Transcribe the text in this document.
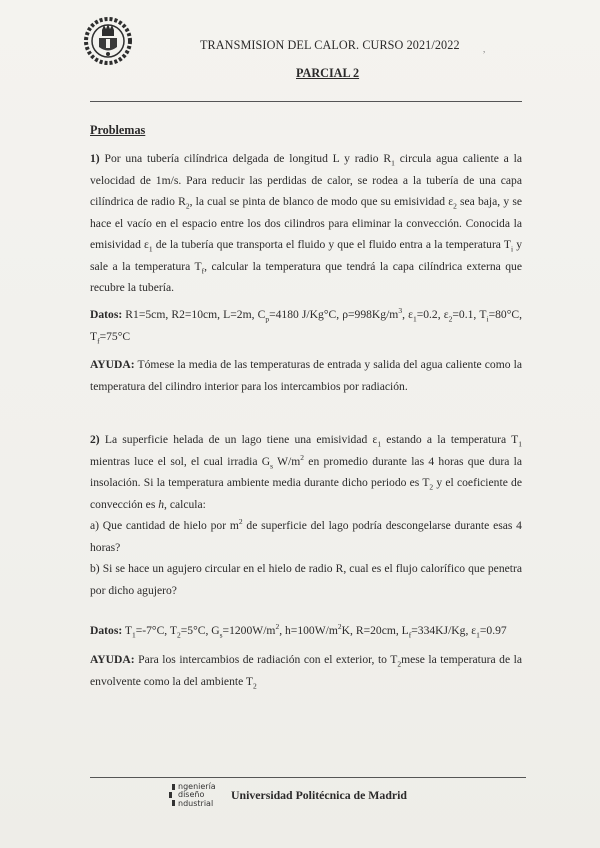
TRANSMISION DEL CALOR. CURSO 2021/2022
PARCIAL 2
,
Problemas
1) Por una tubería cilíndrica delgada de longitud L y radio $R_1$ circula agua caliente a la velocidad de 1m/s. Para reducir las perdidas de calor, se rodea a la tubería de una capa cilíndrica de radio $R_2$, la cual se pinta de blanco de modo que su emisividad $\varepsilon_2$ sea baja, y se hace el vacío en el espacio entre los dos cilindros para eliminar la convección. Conocida la emisividad $\varepsilon_1$ de la tubería que transporta el fluido y que el fluido entra a la temperatura $T_i$ y sale a la temperatura $T_f$, calcular la temperatura que tendrá la capa cilíndrica externa que recubre la tubería.
Datos: R1=5cm, R2=10cm, L=2m, $C_p=4180$ J/Kg°C, $\rho=998Kg/m^3$, $\varepsilon_1=0.2$, $\varepsilon_2=0.1$, $T_i=80^\circ C$, $T_f=75^\circ C$
AYUDA: Tómese la media de las temperaturas de entrada y salida del agua caliente como la temperatura del cilindro interior para los intercambios por radiación.
2) La superficie helada de un lago tiene una emisividad $\varepsilon_1$ estando a la temperatura $T_1$ mientras luce el sol, el cual irradia $G_s$ $W/m^2$ en promedio durante las 4 horas que dura la insolación. Si la temperatura ambiente media durante dicho periodo es $T_2$ y el coeficiente de convección es h, calcula:
a) Que cantidad de hielo por $m^2$ de superficie del lago podría descongelarse durante esas 4 horas?
b) Si se hace un agujero circular en el hielo de radio R, cual es el flujo calorífico que penetra por dicho agujero?
Datos: $T_1=-7^\circ C$, $T_2=5^\circ C$, $G_s=1200W/m^2$, $h=100W/m^2K$, R=20cm, $L_f=334KJ/Kg$, $\varepsilon_1=0.97$
AYUDA: Para los intercambios de radiación con el exterior, to $T_2mese$ la temperatura de la envolvente como la del ambiente $T_2$
ngeniería
diseño
ndustrial
Universidad Politécnica de Madrid
